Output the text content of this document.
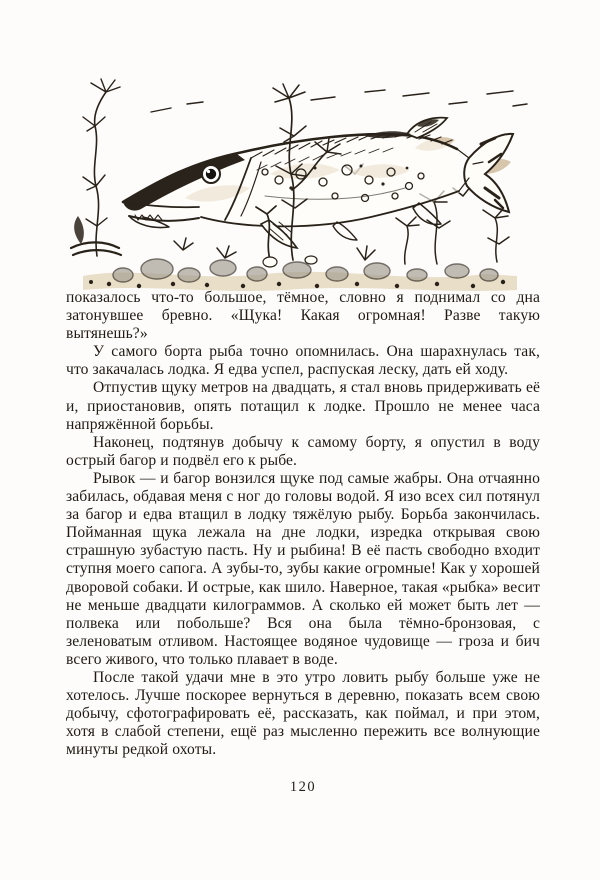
показалось что-то большое, тёмное, словно я поднимал со дна затонувшее бревно. «Щука! Какая огромная! Разве такую вытянешь?»

У самого борта рыба точно опомнилась. Она шарахнулась так, что закачалась лодка. Я едва успел, распуская леску, дать ей ходу.

Отпустив щуку метров на двадцать, я стал вновь придерживать её и, приостановив, опять потащил к лодке. Прошло не менее часа напряжённой борьбы.

Наконец, подтянув добычу к самому борту, я опустил в воду острый багор и подвёл его к рыбе.

Рывок — и багор вонзился щуке под самые жабры. Она отчаянно забилась, обдавая меня с ног до головы водой. Я изо всех сил потянул за багор и едва втащил в лодку тяжёлую рыбу. Борьба закончилась. Пойманная щука лежала на дне лодки, изредка открывая свою страшную зубастую пасть. Ну и рыбина! В её пасть свободно входит ступня моего сапога. А зубы-то, зубы какие огромные! Как у хорошей дворовой собаки. И острые, как шило. Наверное, такая «рыбка» весит не меньше двадцати килограммов. А сколько ей может быть лет — полвека или побольше? Вся она была тёмно-бронзовая, с зеленоватым отливом. Настоящее водяное чудовище — гроза и бич всего живого, что только плавает в воде.

После такой удачи мне в это утро ловить рыбу больше уже не хотелось. Лучше поскорее вернуться в деревню, показать всем свою добычу, сфотографировать её, рассказать, как поймал, и при этом, хотя в слабой степени, ещё раз мысленно пережить все волнующие минуты редкой охоты.

120
